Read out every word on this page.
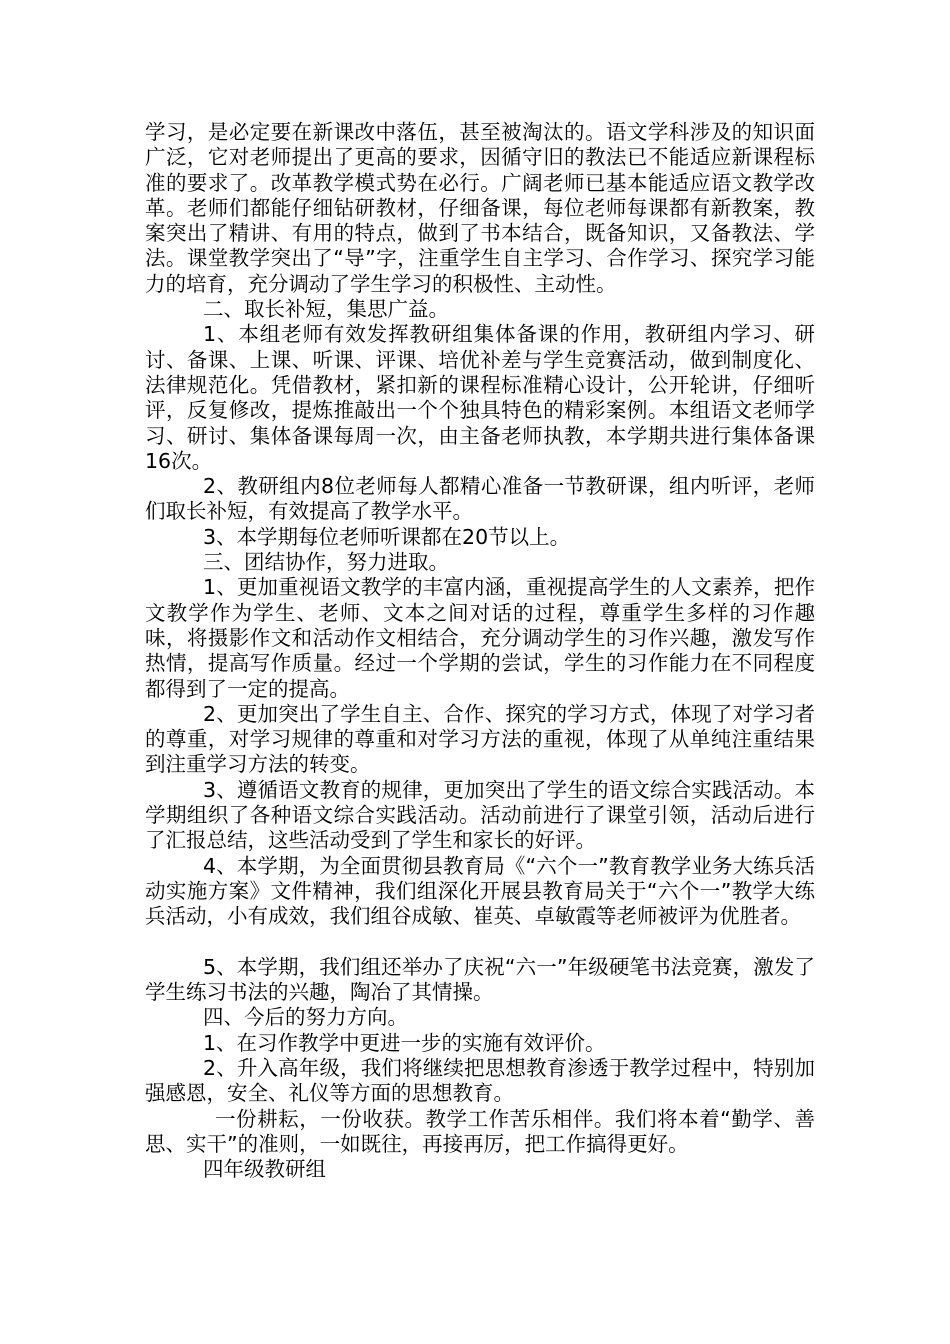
学习，是必定要在新课改中落伍，甚至被淘汰的。语文学科涉及的知识面广泛，它对老师提出了更高的要求，因循守旧的教法已不能适应新课程标准的要求了。改革教学模式势在必行。广阔老师已基本能适应语文教学改革。老师们都能仔细钻研教材，仔细备课，每位老师每课都有新教案，教案突出了精讲、有用的特点，做到了书本结合，既备知识，又备教法、学法。课堂教学突出了“导”字，注重学生自主学习、合作学习、探究学习能力的培育，充分调动了学生学习的积极性、主动性。

二、取长补短，集思广益。

1、本组老师有效发挥教研组集体备课的作用，教研组内学习、研讨、备课、上课、听课、评课、培优补差与学生竞赛活动，做到制度化、法律规范化。凭借教材，紧扣新的课程标准精心设计，公开轮讲，仔细听评，反复修改，提炼推敲出一个个独具特色的精彩案例。本组语文老师学习、研讨、集体备课每周一次，由主备老师执教，本学期共进行集体备课16次。

2、教研组内8位老师每人都精心准备一节教研课，组内听评，老师们取长补短，有效提高了教学水平。

3、本学期每位老师听课都在20节以上。

三、团结协作，努力进取。

1、更加重视语文教学的丰富内涵，重视提高学生的人文素养，把作文教学作为学生、老师、文本之间对话的过程，尊重学生多样的习作趣味，将摄影作文和活动作文相结合，充分调动学生的习作兴趣，激发写作热情，提高写作质量。经过一个学期的尝试，学生的习作能力在不同程度都得到了一定的提高。

2、更加突出了学生自主、合作、探究的学习方式，体现了对学习者的尊重，对学习规律的尊重和对学习方法的重视，体现了从单纯注重结果到注重学习方法的转变。

3、遵循语文教育的规律，更加突出了学生的语文综合实践活动。本学期组织了各种语文综合实践活动。活动前进行了课堂引领，活动后进行了汇报总结，这些活动受到了学生和家长的好评。

4、本学期，为全面贯彻县教育局《“六个一”教育教学业务大练兵活动实施方案》文件精神，我们组深化开展县教育局关于“六个一”教学大练兵活动，小有成效，我们组谷成敏、崔英、卓敏霞等老师被评为优胜者。

5、本学期，我们组还举办了庆祝“六一”年级硬笔书法竞赛，激发了学生练习书法的兴趣，陶冶了其情操。

四、今后的努力方向。

1、在习作教学中更进一步的实施有效评价。

2、升入高年级，我们将继续把思想教育渗透于教学过程中，特别加强感恩，安全、礼仪等方面的思想教育。

一份耕耘，一份收获。教学工作苦乐相伴。我们将本着“勤学、善思、实干”的准则，一如既往，再接再厉，把工作搞得更好。

四年级教研组
